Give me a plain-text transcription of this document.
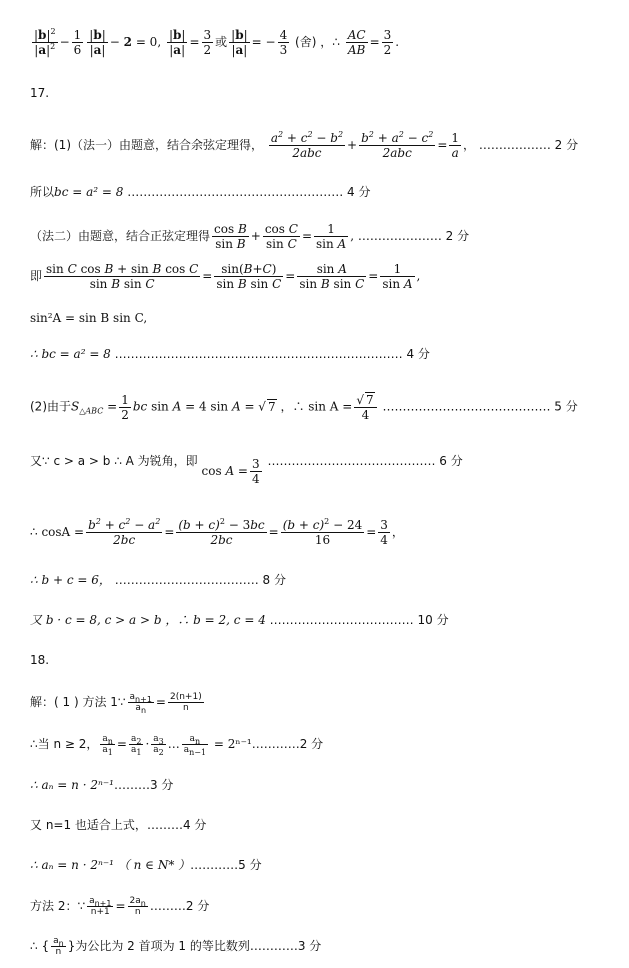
$\frac{|b|^2}{|a|^2} - \frac{1}{6} \frac{|b|}{|a|} - 2 = 0$, $\frac{|b|}{|a|} = \frac{3}{2}$ 或 $\frac{|b|}{|a|}$ = − $\frac{4}{3}$ (舍) ，∴ $\frac{AC}{AB} = \frac{3}{2}$ .
17.
解：(1)（法一）由题意，结合余弦定理得， $\frac{a^2 + c^2 - b^2}{\text{2abc}} + \frac{b^2 + a^2 - c^2}{\text{2abc}} = \frac{1}{a}$ ， ……………… 2 分
所以bc = a² = 8 ……………………………………………… 4 分
（法二）由题意，结合正弦定理得 $\frac{\text{cos B}}{\text{sin B}} + \frac{\text{cos C}}{\text{sin C}} = \frac{1}{\text{sin A}}$ , ………………… 2 分
即 $\frac{\text{sin C cos B + sin B cos C}}{\text{sin B sin C}} = \frac{\sin(B+C)}{\text{sin B sin C}} = \frac{\text{sin A}}{\text{sin B sin C}} = \frac{1}{\text{sin A}}$ ,
sin²A = sin B sin C,
∴ bc = a² = 8 ……………………………………………………………… 4 分
(2)由于$S_{\triangle ABC} = \frac{1}{2}$ bc sin A = 4 sin A = √ 7 ，∴ $\sin A = \frac{√ 7}{4}$ …………………………………… 5 分
又∵ c > a > b ∴ A 为锐角，即 $\cos A = \frac{3}{4}$ …………………………………… 6 分
∴ $\cos A = \frac{b^2 + c^2 - a^2}{2bc} = \frac{(b + c)^2 - 3bc}{2bc} = \frac{(b + c)^2 - 24}{16} = \frac{3}{4}$ ，
∴ b + c = 6， ……………………………… 8 分
又 b · c = 8, c > a > b ，∴ b = 2, c = 4 ……………………………… 10 分
18.
解：( 1 ) 方法 1∵ $\frac{a_{n+1}}{a_n} = \frac{2(n+1)}{n}$
∴当 n ≥ 2， $\frac{a_n}{a_1} = \frac{a_2}{a_1} \cdot \frac{a_3}{a_2}$ … $\frac{a_n}{a_{n-1}}$ = 2ⁿ⁻¹…………2 分
∴ aₙ = n · 2ⁿ⁻¹………3 分
又 n=1 也适合上式，………4 分
∴ aₙ = n · 2ⁿ⁻¹ （ n ∈ N* ）…………5 分
方法 2：∵ $\frac{a_{n+1}}{n+1} = \frac{2a_n}{n}$ ………2 分
∴ { $\frac{a_n}{n}$ }为公比为 2 首项为 1 的等比数列…………3 分
